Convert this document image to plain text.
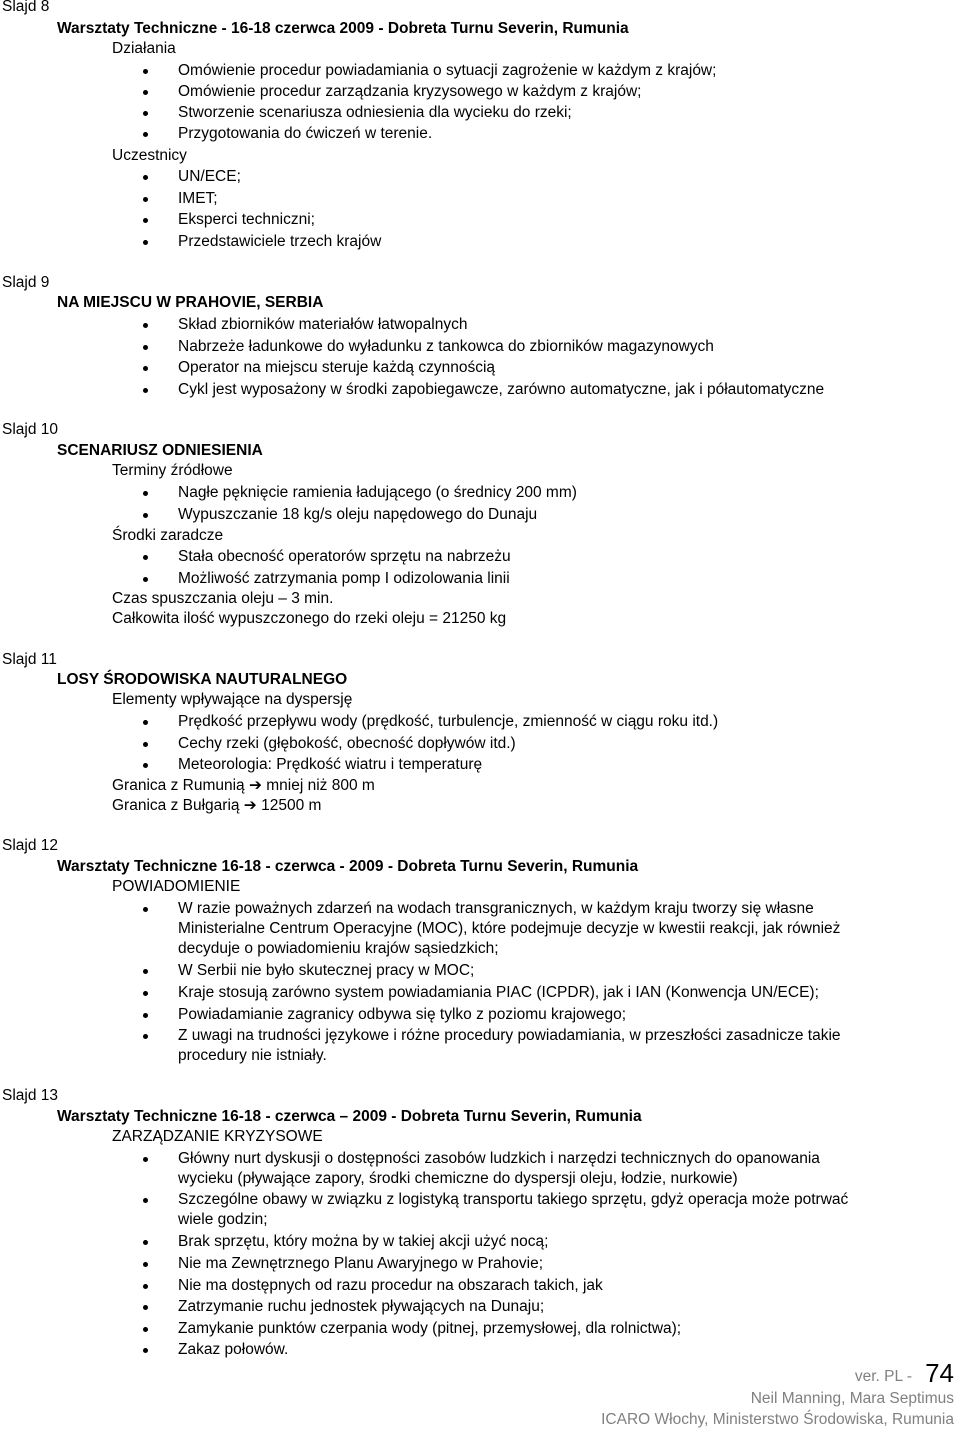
Slajd 8
Warsztaty Techniczne - 16-18 czerwca 2009 - Dobreta Turnu Severin, Rumunia
Działania
Omówienie procedur powiadamiania o sytuacji zagrożenie w każdym z krajów;
Omówienie procedur zarządzania kryzysowego w każdym z krajów;
Stworzenie scenariusza odniesienia dla wycieku do rzeki;
Przygotowania do ćwiczeń w terenie.
Uczestnicy
UN/ECE;
IMET;
Eksperci techniczni;
Przedstawiciele trzech krajów
Slajd 9
NA MIEJSCU W PRAHOVIE, SERBIA
Skład zbiorników materiałów łatwopalnych
Nabrzeże ładunkowe do wyładunku z tankowca do zbiorników magazynowych
Operator na miejscu steruje każdą czynnością
Cykl jest wyposażony w środki zapobiegawcze, zarówno automatyczne, jak i półautomatyczne
Slajd 10
SCENARIUSZ ODNIESIENIA
Terminy źródłowe
Nagłe pęknięcie ramienia ładującego (o średnicy 200 mm)
Wypuszczanie 18 kg/s oleju napędowego do Dunaju
Środki zaradcze
Stała obecność operatorów sprzętu na nabrzeżu
Możliwość zatrzymania pomp I odizolowania linii
Czas spuszczania oleju – 3 min.
Całkowita ilość wypuszczonego do rzeki oleju = 21250 kg
Slajd 11
LOSY ŚRODOWISKA NAUTURALNEGO
Elementy wpływające na dyspersję
Prędkość przepływu wody (prędkość, turbulencje, zmienność w ciągu roku itd.)
Cechy rzeki (głębokość, obecność dopływów itd.)
Meteorologia: Prędkość wiatru i temperaturę
Granica z Rumunią ➔ mniej niż 800 m
Granica z Bułgarią ➔ 12500 m
Slajd 12
Warsztaty Techniczne 16-18 - czerwca - 2009 - Dobreta Turnu Severin, Rumunia
POWIADOMIENIE
W razie poważnych zdarzeń na wodach transgranicznych, w każdym kraju tworzy się własne
Ministerialne Centrum Operacyjne (MOC), które podejmuje decyzje w kwestii reakcji, jak również
decyduje o powiadomieniu krajów sąsiedzkich;
W Serbii nie było skutecznej pracy w MOC;
Kraje stosują zarówno system powiadamiania PIAC (ICPDR), jak i IAN (Konwencja UN/ECE);
Powiadamianie zagranicy odbywa się tylko z poziomu krajowego;
Z uwagi na trudności językowe i różne procedury powiadamiania, w przeszłości zasadnicze takie
procedury nie istniały.
Slajd 13
Warsztaty Techniczne 16-18 - czerwca – 2009 - Dobreta Turnu Severin, Rumunia
ZARZĄDZANIE KRYZYSOWE
Główny nurt dyskusji o dostępności zasobów ludzkich i narzędzi technicznych do opanowania
wycieku (pływające zapory, środki chemiczne do dyspersji oleju, łodzie, nurkowie)
Szczególne obawy w związku z logistyką transportu takiego sprzętu, gdyż operacja może potrwać
wiele godzin;
Brak sprzętu, który można by w takiej akcji użyć nocą;
Nie ma Zewnętrznego Planu Awaryjnego w Prahovie;
Nie ma dostępnych od razu procedur na obszarach takich, jak
Zatrzymanie ruchu jednostek pływających na Dunaju;
Zamykanie punktów czerpania wody (pitnej, przemysłowej, dla rolnictwa);
Zakaz połowów.
ver. PL - 74
Neil Manning, Mara Septimus
ICARO Włochy, Ministerstwo Środowiska, Rumunia
